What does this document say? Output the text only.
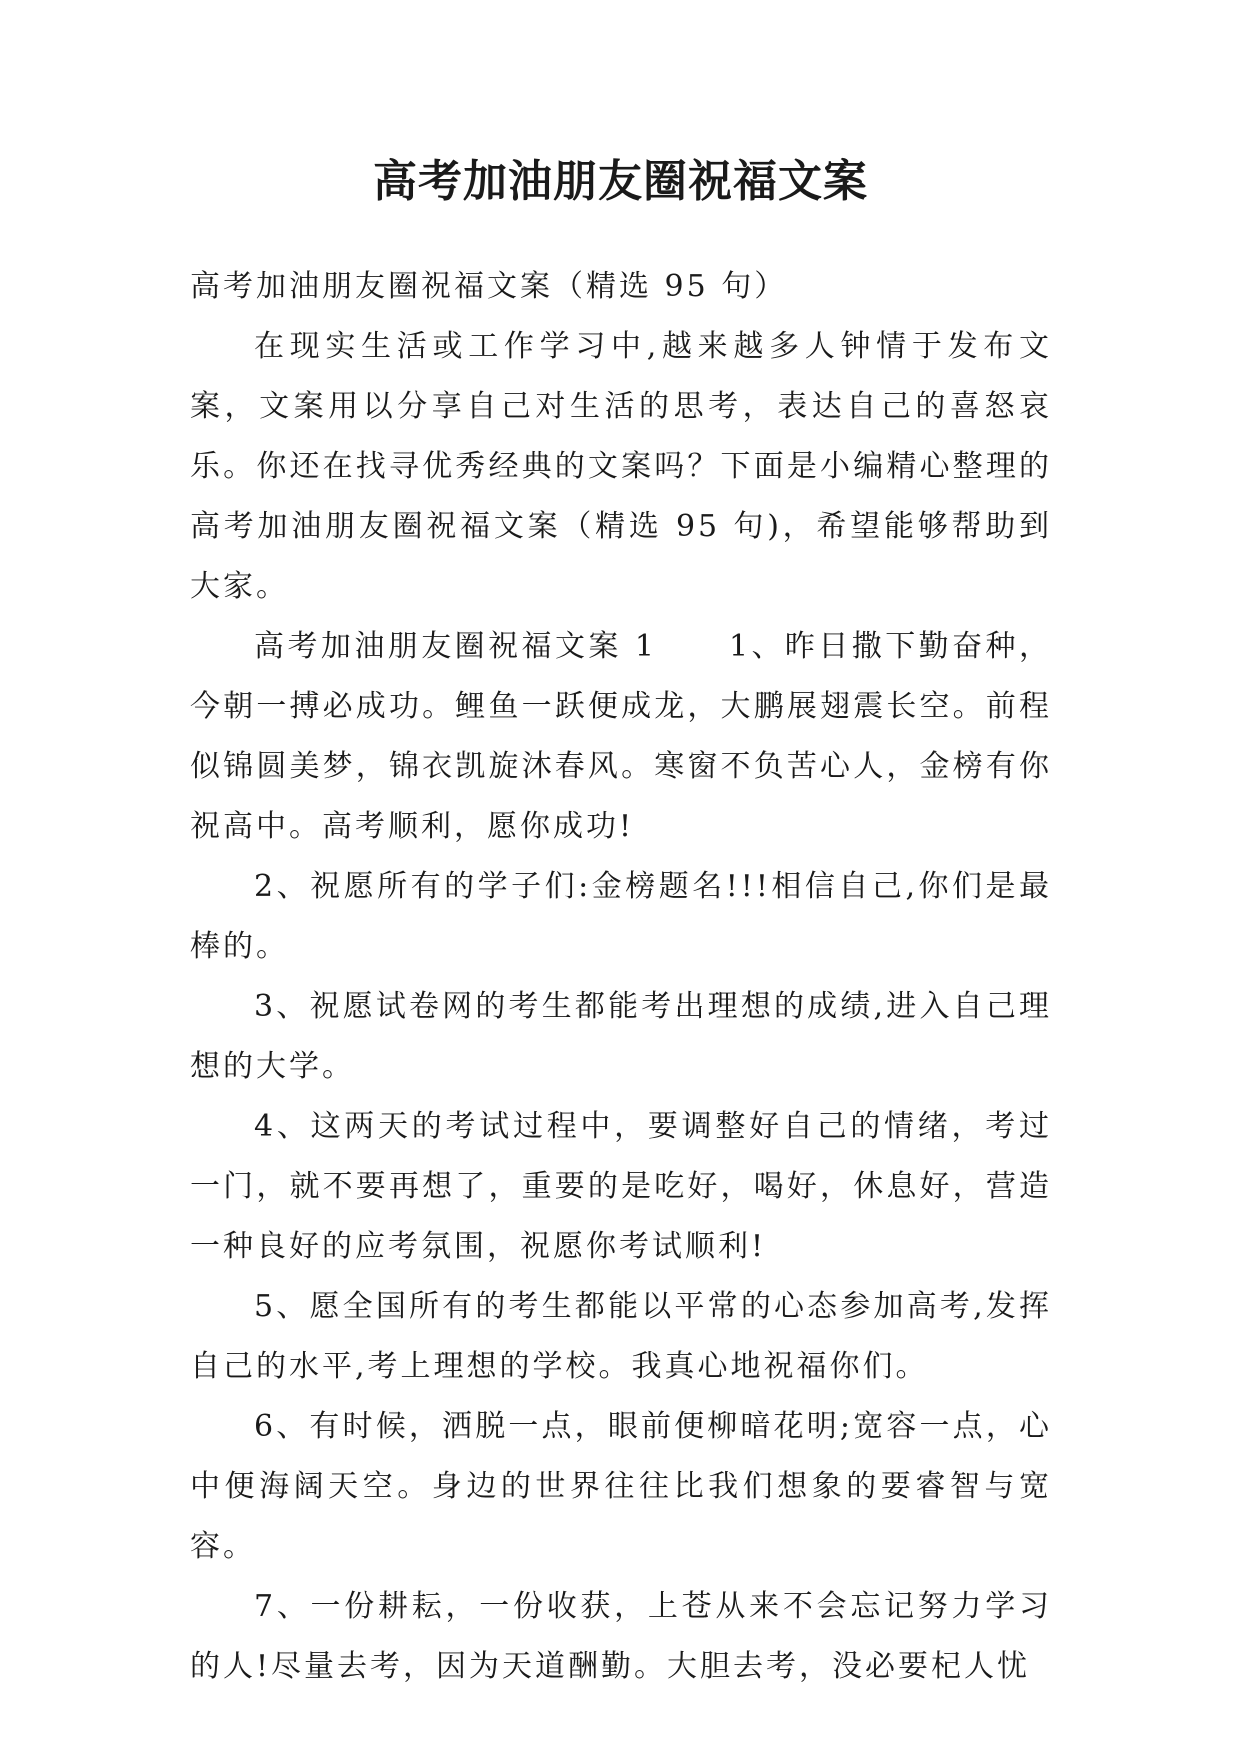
高考加油朋友圈祝福文案

高考加油朋友圈祝福文案（精选 95 句）

在现实生活或工作学习中,越来越多人钟情于发布文案，文案用以分享自己对生活的思考，表达自己的喜怒哀乐。你还在找寻优秀经典的文案吗？下面是小编精心整理的高考加油朋友圈祝福文案（精选 95 句)，希望能够帮助到大家。

高考加油朋友圈祝福文案 1 1、昨日撒下勤奋种，今朝一搏必成功。鲤鱼一跃便成龙，大鹏展翅震长空。前程似锦圆美梦，锦衣凯旋沐春风。寒窗不负苦心人，金榜有你祝高中。高考顺利，愿你成功!

2、祝愿所有的学子们:金榜题名!!!相信自己,你们是最棒的。

3、祝愿试卷网的考生都能考出理想的成绩,进入自己理想的大学。

4、这两天的考试过程中，要调整好自己的情绪，考过一门，就不要再想了，重要的是吃好，喝好，休息好，营造一种良好的应考氛围，祝愿你考试顺利!

5、愿全国所有的考生都能以平常的心态参加高考,发挥自己的水平,考上理想的学校。我真心地祝福你们。

6、有时候，洒脱一点，眼前便柳暗花明;宽容一点，心中便海阔天空。身边的世界往往比我们想象的要睿智与宽容。

7、一份耕耘，一份收获，上苍从来不会忘记努力学习的人!尽量去考，因为天道酬勤。大胆去考，没必要杞人忧
